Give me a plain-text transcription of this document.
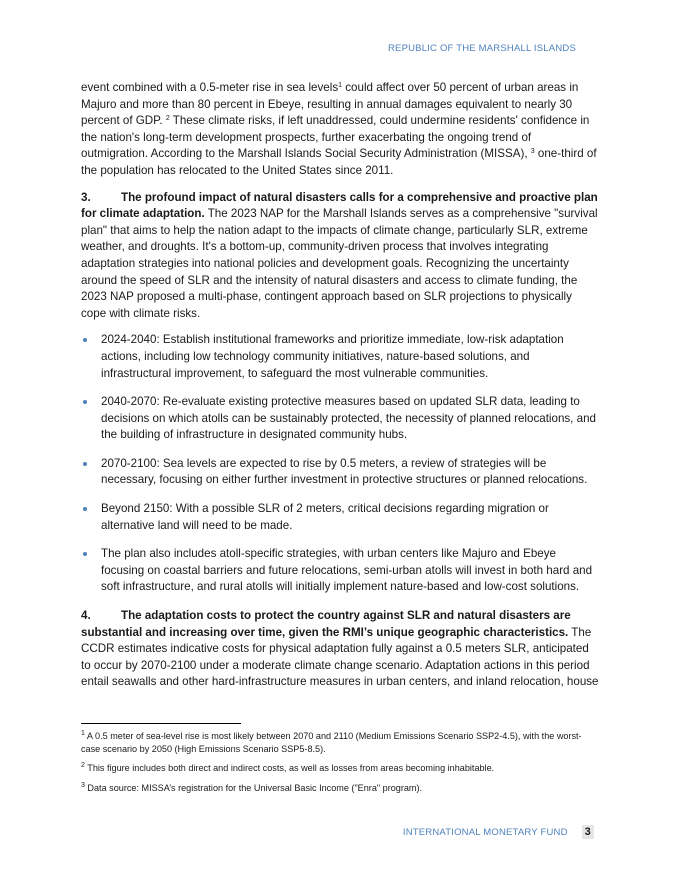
REPUBLIC OF THE MARSHALL ISLANDS

event combined with a 0.5-meter rise in sea levels$^1$ could affect over 50 percent of urban areas in Majuro and more than 80 percent in Ebeye, resulting in annual damages equivalent to nearly 30 percent of GDP. $^2$ These climate risks, if left unaddressed, could undermine residents' confidence in the nation's long-term development prospects, further exacerbating the ongoing trend of outmigration. According to the Marshall Islands Social Security Administration (MISSA), $^3$ one-third of the population has relocated to the United States since 2011.

3.	The profound impact of natural disasters calls for a comprehensive and proactive plan for climate adaptation. The 2023 NAP for the Marshall Islands serves as a comprehensive "survival plan" that aims to help the nation adapt to the impacts of climate change, particularly SLR, extreme weather, and droughts. It's a bottom-up, community-driven process that involves integrating adaptation strategies into national policies and development goals. Recognizing the uncertainty around the speed of SLR and the intensity of natural disasters and access to climate funding, the 2023 NAP proposed a multi-phase, contingent approach based on SLR projections to physically cope with climate risks.

2024-2040: Establish institutional frameworks and prioritize immediate, low-risk adaptation actions, including low technology community initiatives, nature-based solutions, and infrastructural improvement, to safeguard the most vulnerable communities.
2040-2070: Re-evaluate existing protective measures based on updated SLR data, leading to decisions on which atolls can be sustainably protected, the necessity of planned relocations, and the building of infrastructure in designated community hubs.
2070-2100: Sea levels are expected to rise by 0.5 meters, a review of strategies will be necessary, focusing on either further investment in protective structures or planned relocations.
Beyond 2150: With a possible SLR of 2 meters, critical decisions regarding migration or alternative land will need to be made.
The plan also includes atoll-specific strategies, with urban centers like Majuro and Ebeye focusing on coastal barriers and future relocations, semi-urban atolls will invest in both hard and soft infrastructure, and rural atolls will initially implement nature-based and low-cost solutions.

4.	The adaptation costs to protect the country against SLR and natural disasters are substantial and increasing over time, given the RMI’s unique geographic characteristics. The CCDR estimates indicative costs for physical adaptation fully against a 0.5 meters SLR, anticipated to occur by 2070-2100 under a moderate climate change scenario. Adaptation actions in this period entail seawalls and other hard-infrastructure measures in urban centers, and inland relocation, house

$^1$ A 0.5 meter of sea-level rise is most likely between 2070 and 2110 (Medium Emissions Scenario SSP2-4.5), with the worst-case scenario by 2050 (High Emissions Scenario SSP5-8.5).

$^2$ This figure includes both direct and indirect costs, as well as losses from areas becoming inhabitable.

$^3$ Data source: MISSA’s registration for the Universal Basic Income ("Enra" program).

INTERNATIONAL MONETARY FUND 3
